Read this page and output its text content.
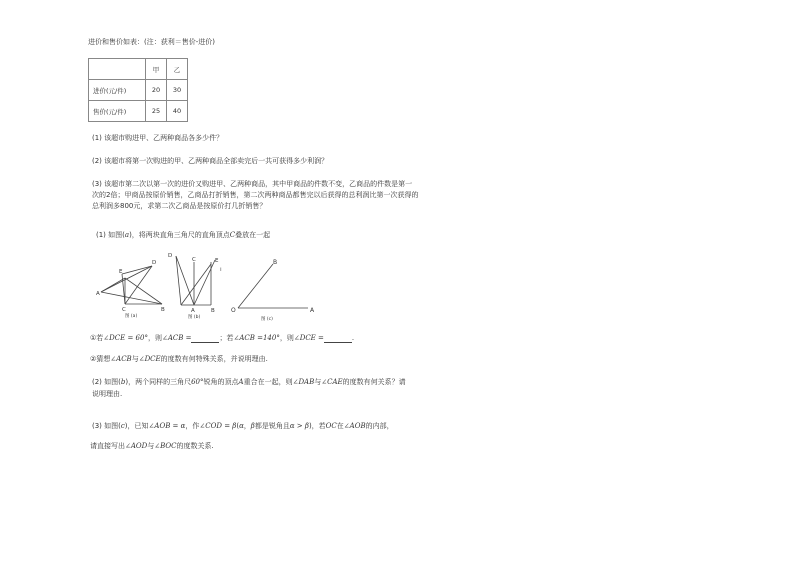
进价和售价如表：(注：获利＝售价-进价)
	甲	乙
进价(元/件)	20	30
售价(元/件)	25	40
(1) 该超市购进甲、乙两种商品各多少件？
(2) 该超市将第一次购进的甲、乙两种商品全部卖完后一共可获得多少利润？
(3) 该超市第二次以第一次的进价又购进甲、乙两种商品，其中甲商品的件数不变，乙商品的件数是第一
次的2倍；甲商品按原价销售，乙商品打折销售，第二次两种商品都售完以后获得的总利润比第一次获得的
总利润多800元，求第二次乙商品是按原价打几折销售？
(1) 如图(a)，将两块直角三角尺的直角顶点C叠放在一起
A
E
D
C	B
图 (a)
D
E
C
A	B
图 (b)
ı
B
O	A
图 (c)
①若∠DCE = 60°，则∠ACB =	；若∠ACB =140°，则∠DCE =	.
②猜想∠ACB与∠DCE的度数有何特殊关系，并说明理由.
(2) 如图(b)，两个同样的三角尺60°锐角的顶点A重合在一起，则∠DAB与∠CAE的度数有何关系？请
说明理由.
(3) 如图(c)，已知∠AOB = α，作∠COD = β(α，β都是锐角且α > β)，若OC在∠AOB的内部，
请直接写出∠AOD与∠BOC的度数关系.
